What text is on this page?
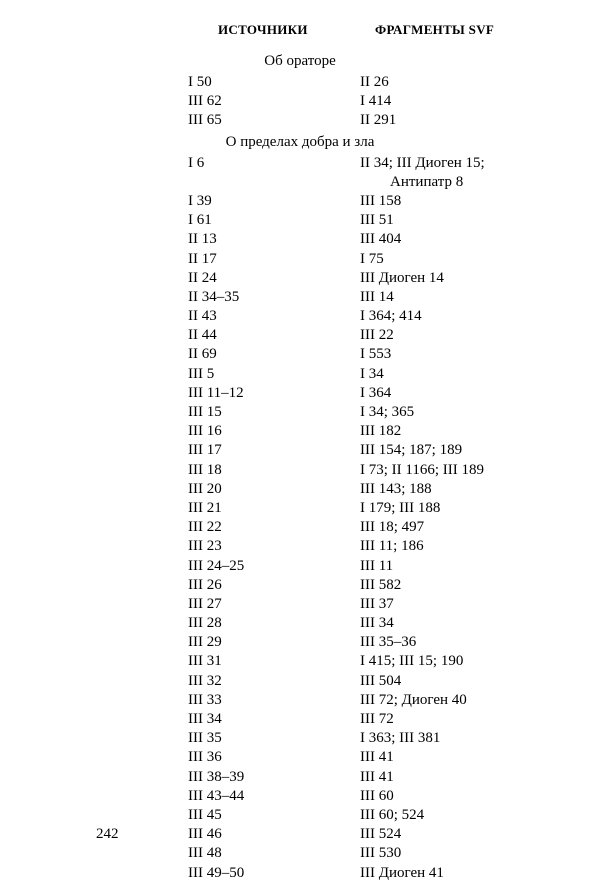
ИСТОЧНИКИ	ФРАГМЕНТЫ SVF
Об ораторе
I 50	II 26
III 62	I 414
III 65	II 291
О пределах добра и зла
I 6	II 34; III Диоген 15;
Антипатр 8
I 39	III 158
I 61	III 51
II 13	III 404
II 17	I 75
II 24	III Диоген 14
II 34–35	III 14
II 43	I 364; 414
II 44	III 22
II 69	I 553
III 5	I 34
III 11–12	I 364
III 15	I 34; 365
III 16	III 182
III 17	III 154; 187; 189
III 18	I 73; II 1166; III 189
III 20	III 143; 188
III 21	I 179; III 188
III 22	III 18; 497
III 23	III 11; 186
III 24–25	III 11
III 26	III 582
III 27	III 37
III 28	III 34
III 29	III 35–36
III 31	I 415; III 15; 190
III 32	III 504
III 33	III 72; Диоген 40
III 34	III 72
III 35	I 363; III 381
III 36	III 41
III 38–39	III 41
III 43–44	III 60
III 45	III 60; 524
III 46	III 524
III 48	III 530
III 49–50	III Диоген 41
242
